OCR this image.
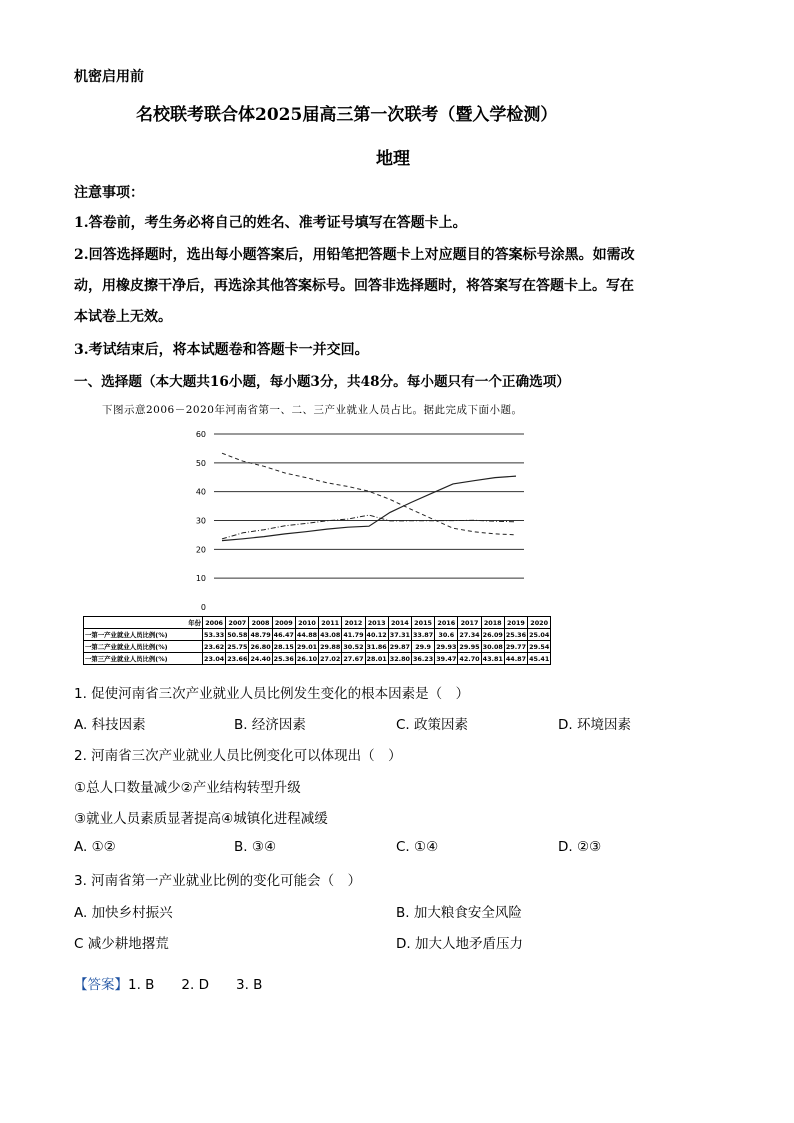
机密启用前
名校联考联合体2025届高三第一次联考（暨入学检测）
地理
注意事项：
1.答卷前，考生务必将自己的姓名、准考证号填写在答题卡上。
2.回答选择题时，选出每小题答案后，用铅笔把答题卡上对应题目的答案标号涂黑。如需改
动，用橡皮擦干净后，再选涂其他答案标号。回答非选择题时，将答案写在答题卡上。写在
本试卷上无效。
3.考试结束后，将本试题卷和答题卡一并交回。
一、选择题（本大题共16小题，每小题3分，共48分。每小题只有一个正确选项）
下图示意2006－2020年河南省第一、二、三产业就业人员占比。据此完成下面小题。
60
50
40
30
20
10
0
年份	2006	2007	2008	2009	2010	2011	2012	2013	2014	2015	2016	2017	2018	2019	2020
一第一产业就业人员比例(%)	53.33	50.58	48.79	46.47	44.88	43.08	41.79	40.12	37.31	33.87	30.6	27.34	26.09	25.36	25.04
一第二产业就业人员比例(%)	23.62	25.75	26.80	28.15	29.01	29.88	30.52	31.86	29.87	29.9	29.93	29.95	30.08	29.77	29.54
一第三产业就业人员比例(%)	23.04	23.66	24.40	25.36	26.10	27.02	27.67	28.01	32.80	36.23	39.47	42.70	43.81	44.87	45.41
1. 促使河南省三次产业就业人员比例发生变化的根本因素是（　）
A. 科技因素	B. 经济因素	C. 政策因素	D. 环境因素
2. 河南省三次产业就业人员比例变化可以体现出（　）
①总人口数量减少②产业结构转型升级
③就业人员素质显著提高④城镇化进程减缓
A. ①②	B. ③④	C. ①④	D. ②③
3. 河南省第一产业就业比例的变化可能会（　）
A. 加快乡村振兴	B. 加大粮食安全风险
C 减少耕地撂荒	D. 加大人地矛盾压力
【答案】1. B　　2. D　　3. B
